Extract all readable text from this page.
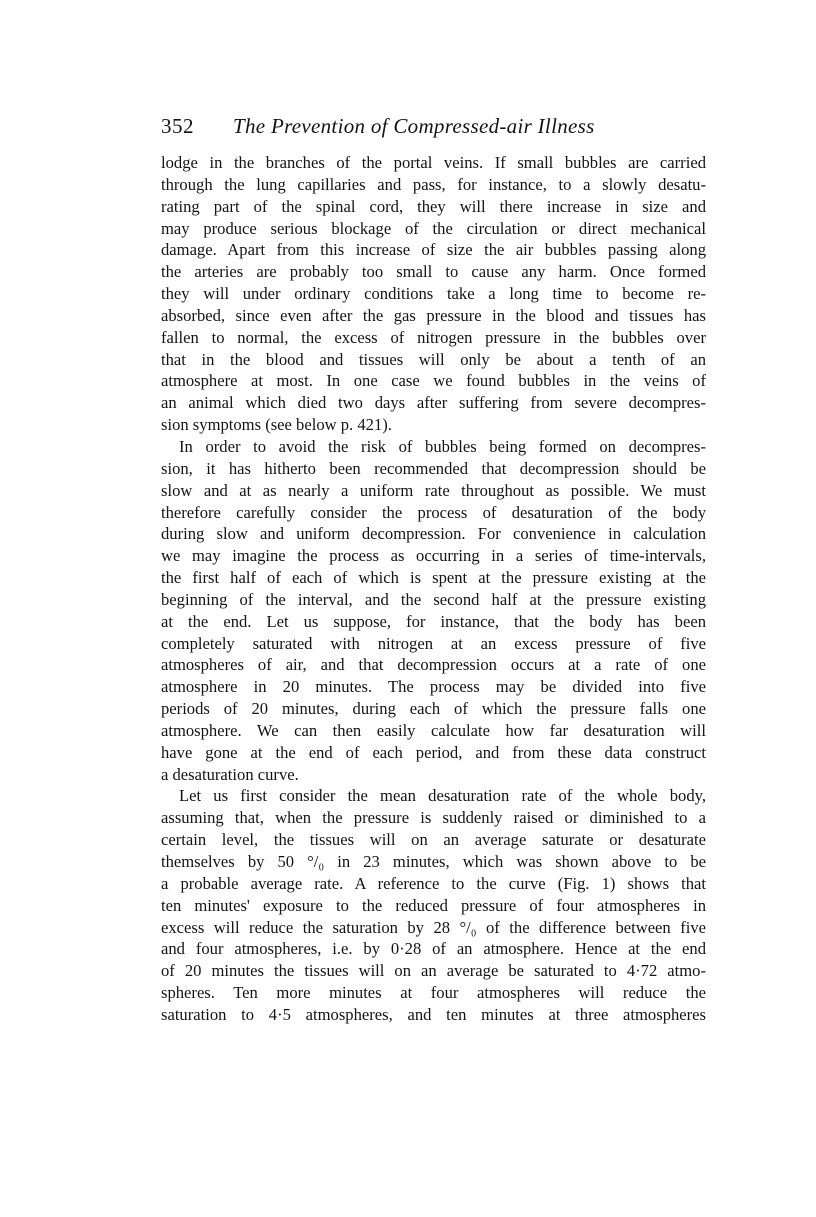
352 The Prevention of Compressed-air Illness
lodge in the branches of the portal veins. If small bubbles are carried
through the lung capillaries and pass, for instance, to a slowly desatu-
rating part of the spinal cord, they will there increase in size and
may produce serious blockage of the circulation or direct mechanical
damage. Apart from this increase of size the air bubbles passing along
the arteries are probably too small to cause any harm. Once formed
they will under ordinary conditions take a long time to become re-
absorbed, since even after the gas pressure in the blood and tissues has
fallen to normal, the excess of nitrogen pressure in the bubbles over
that in the blood and tissues will only be about a tenth of an
atmosphere at most. In one case we found bubbles in the veins of
an animal which died two days after suffering from severe decompres-
sion symptoms (see below p. 421).
In order to avoid the risk of bubbles being formed on decompres-
sion, it has hitherto been recommended that decompression should be
slow and at as nearly a uniform rate throughout as possible. We must
therefore carefully consider the process of desaturation of the body
during slow and uniform decompression. For convenience in calculation
we may imagine the process as occurring in a series of time-intervals,
the first half of each of which is spent at the pressure existing at the
beginning of the interval, and the second half at the pressure existing
at the end. Let us suppose, for instance, that the body has been
completely saturated with nitrogen at an excess pressure of five
atmospheres of air, and that decompression occurs at a rate of one
atmosphere in 20 minutes. The process may be divided into five
periods of 20 minutes, during each of which the pressure falls one
atmosphere. We can then easily calculate how far desaturation will
have gone at the end of each period, and from these data construct
a desaturation curve.
Let us first consider the mean desaturation rate of the whole body,
assuming that, when the pressure is suddenly raised or diminished to a
certain level, the tissues will on an average saturate or desaturate
themselves by 50 °/₀ in 23 minutes, which was shown above to be
a probable average rate. A reference to the curve (Fig. 1) shows that
ten minutes' exposure to the reduced pressure of four atmospheres in
excess will reduce the saturation by 28 °/₀ of the difference between five
and four atmospheres, i.e. by 0·28 of an atmosphere. Hence at the end
of 20 minutes the tissues will on an average be saturated to 4·72 atmo-
spheres. Ten more minutes at four atmospheres will reduce the
saturation to 4·5 atmospheres, and ten minutes at three atmospheres
